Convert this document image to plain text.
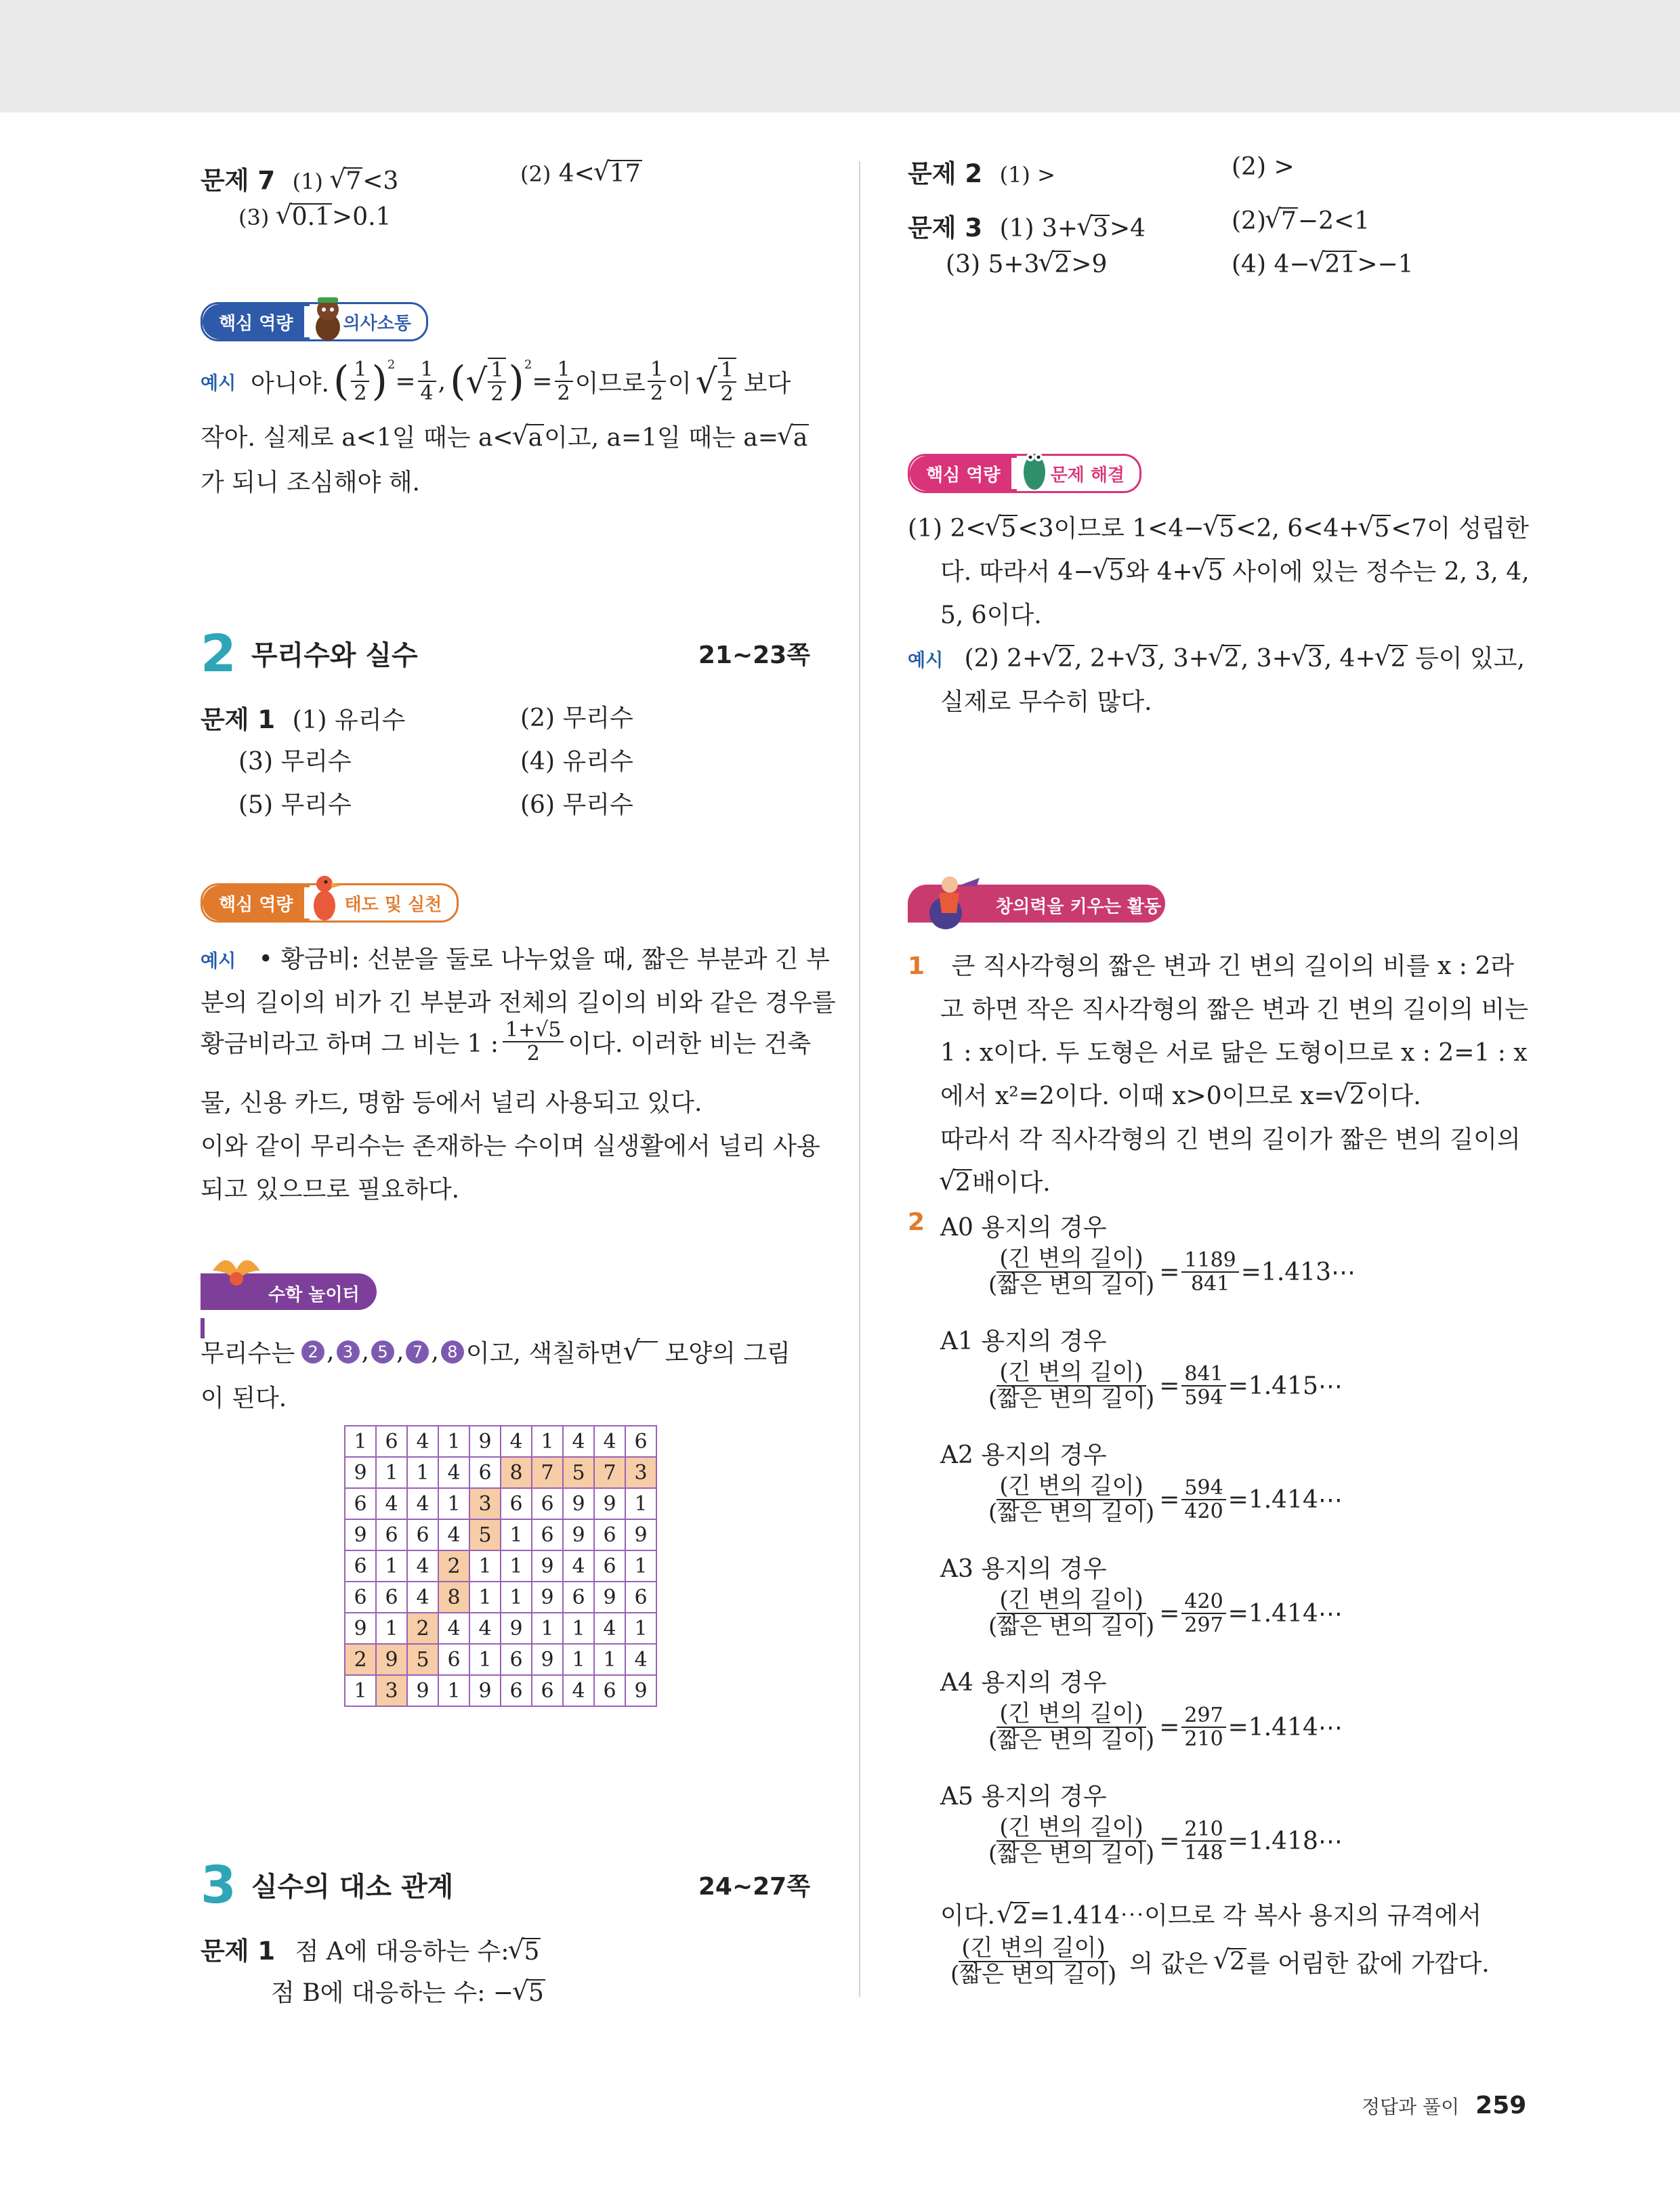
문제 7 (1) √ 7<3	(2) 4< √ 17
(3) √ 0.1>0.1
핵심 역량	의사소통
예시 아니야. ( $\frac{1}{2} )^2$
= $\frac{1}{4}$ , ( √ $\frac{1}{2} )^2$
= $\frac{1}{2}$ 이므로 $\frac{1}{2}$ 이 √ $\frac{1}{2}$ 보다
작아. 실제로 a<1일 때는 a< √ a이고, a=1일 때는 a= √ a
가 되니 조심해야 해.
2 무리수와 실수	21~23쪽
문제 1 (1) 유리수	(2) 무리수
(3) 무리수	(4) 유리수
(5) 무리수	(6) 무리수
핵심 역량	태도 및 실천
예시 • 황금비: 선분을 둘로 나누었을 때, 짧은 부분과 긴 부
분의 길이의 비가 긴 부분과 전체의 길이의 비와 같은 경우를
황금비라고 하며 그 비는 1 : $\frac{1+√5}{2}$ 이다. 이러한 비는 건축
물, 신용 카드, 명함 등에서 널리 사용되고 있다.
이와 같이 무리수는 존재하는 수이며 실생활에서 널리 사용
되고 있으므로 필요하다.
수학 놀이터
무리수는 2 , 3 , 5 , 7 , 8 이고, 색칠하면 √ 모양의 그림
이 된다.
1	6	4	1	9	4	1	4	4	6
9	1	1	4	6	8	7	5	7	3
6	4	4	1	3	6	6	9	9	1
9	6	6	4	5	1	6	9	6	9
6	1	4	2	1	1	9	4	6	1
6	6	4	8	1	1	9	6	9	6
9	1	2	4	4	9	1	1	4	1
2	9	5	6	1	6	9	1	1	4
1	3	9	1	9	6	6	4	6	9
3 실수의 대소 관계	24~27쪽
문제 1 점 A에 대응하는 수: √ 5
점 B에 대응하는 수: − √ 5
문제 2 (1) >	(2) >
문제 3 (1) 3+ √ 3>4	(2) √ 7−2<1
(3) 5+3 √ 2>9	(4) 4− √ 21>−1
핵심 역량	문제 해결
(1) 2< √ 5<3이므로 1<4− √ 5<2, 6<4+ √ 5<7이 성립한
다. 따라서 4− √ 5와 4+ √ 5 사이에 있는 정수는 2, 3, 4,
5, 6이다.
예시 (2) 2+ √ 2, 2+ √ 3, 3+ √ 2, 3+ √ 3, 4+ √ 2 등이 있고,
실제로 무수히 많다.
창의력을 키우는 활동
1 큰 직사각형의 짧은 변과 긴 변의 길이의 비를 x : 2라
고 하면 작은 직사각형의 짧은 변과 긴 변의 길이의 비는
1 : x이다. 두 도형은 서로 닮은 도형이므로 x : 2=1 : x
에서 x²=2이다. 이때 x>0이므로 x= √ 2이다.
따라서 각 직사각형의 긴 변의 길이가 짧은 변의 길이의
√ 2배이다.
2 A0 용지의 경우
$\frac{\text{(긴 변의 길이)}}{\text{(짧은 변의 길이)}} = \frac{1189}{841}$ =1.413⋯
A1 용지의 경우
$\frac{\text{(긴 변의 길이)}}{\text{(짧은 변의 길이)}} = \frac{841}{594}$ =1.415⋯
A2 용지의 경우
$\frac{\text{(긴 변의 길이)}}{\text{(짧은 변의 길이)}} = \frac{594}{420}$ =1.414⋯
A3 용지의 경우
$\frac{\text{(긴 변의 길이)}}{\text{(짧은 변의 길이)}} = \frac{420}{297}$ =1.414⋯
A4 용지의 경우
$\frac{\text{(긴 변의 길이)}}{\text{(짧은 변의 길이)}} = \frac{297}{210}$ =1.414⋯
A5 용지의 경우
$\frac{\text{(긴 변의 길이)}}{\text{(짧은 변의 길이)}} = \frac{210}{148}$ =1.418⋯
이다. √ 2=1.414⋯이므로 각 복사 용지의 규격에서
$\frac{\text{(긴 변의 길이)}}{\text{(짧은 변의 길이)}}$ 의 값은 √ 2 를 어림한 값에 가깝다.
정답과 풀이 259
